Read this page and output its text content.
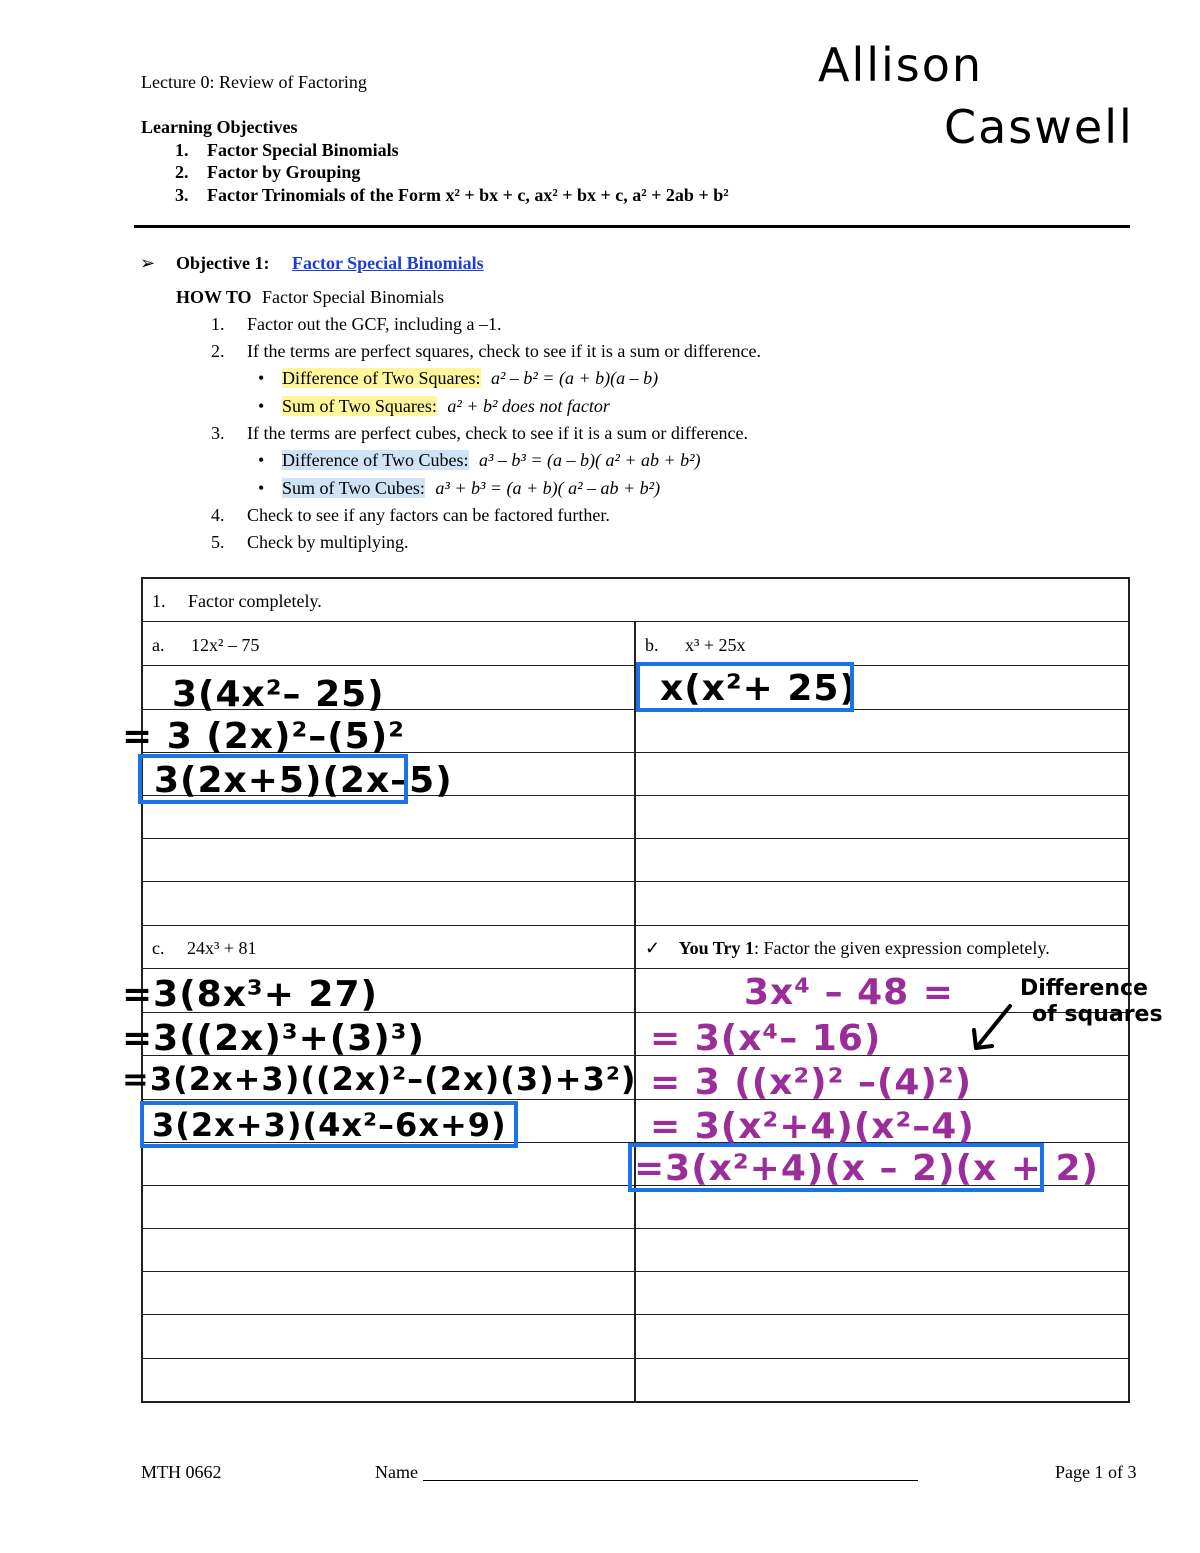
Lecture 0: Review of Factoring	Allison
Caswell
Learning Objectives
1. Factor Special Binomials
2. Factor by Grouping
3. Factor Trinomials of the Form x² + bx + c, ax² + bx + c, a² + 2ab + b²
➢ Objective 1: Factor Special Binomials
HOW TO Factor Special Binomials
1. Factor out the GCF, including a –1.
2. If the terms are perfect squares, check to see if it is a sum or difference.
• Difference of Two Squares: a² – b² = (a + b)(a – b)
• Sum of Two Squares: a² + b² does not factor
3. If the terms are perfect cubes, check to see if it is a sum or difference.
• Difference of Two Cubes: a³ – b³ = (a – b)( a² + ab + b²)
• Sum of Two Cubes: a³ + b³ = (a + b)( a² – ab + b²)
4. Check to see if any factors can be factored further.
5. Check by multiplying.
1. Factor completely.
a. 12x² – 75	b. x³ + 25x
3(4x²– 25)
= 3 (2x)²–(5)²
3(2x+5)(2x–5)
x(x²+ 25)
c. 24x³ + 81	✓ You Try 1: Factor the given expression completely.
=3(8x³+ 27)
=3((2x)³+(3)³)
=3(2x+3)((2x)²–(2x)(3)+3²)
3(2x+3)(4x²–6x+9)
3x⁴ – 48 =
= 3(x⁴– 16)
= 3 ((x²)² –(4)²)
= 3(x²+4)(x²–4)
=3(x²+4)(x – 2)(x + 2)
Difference
of squares
MTH 0662	Name	Page 1 of 3
